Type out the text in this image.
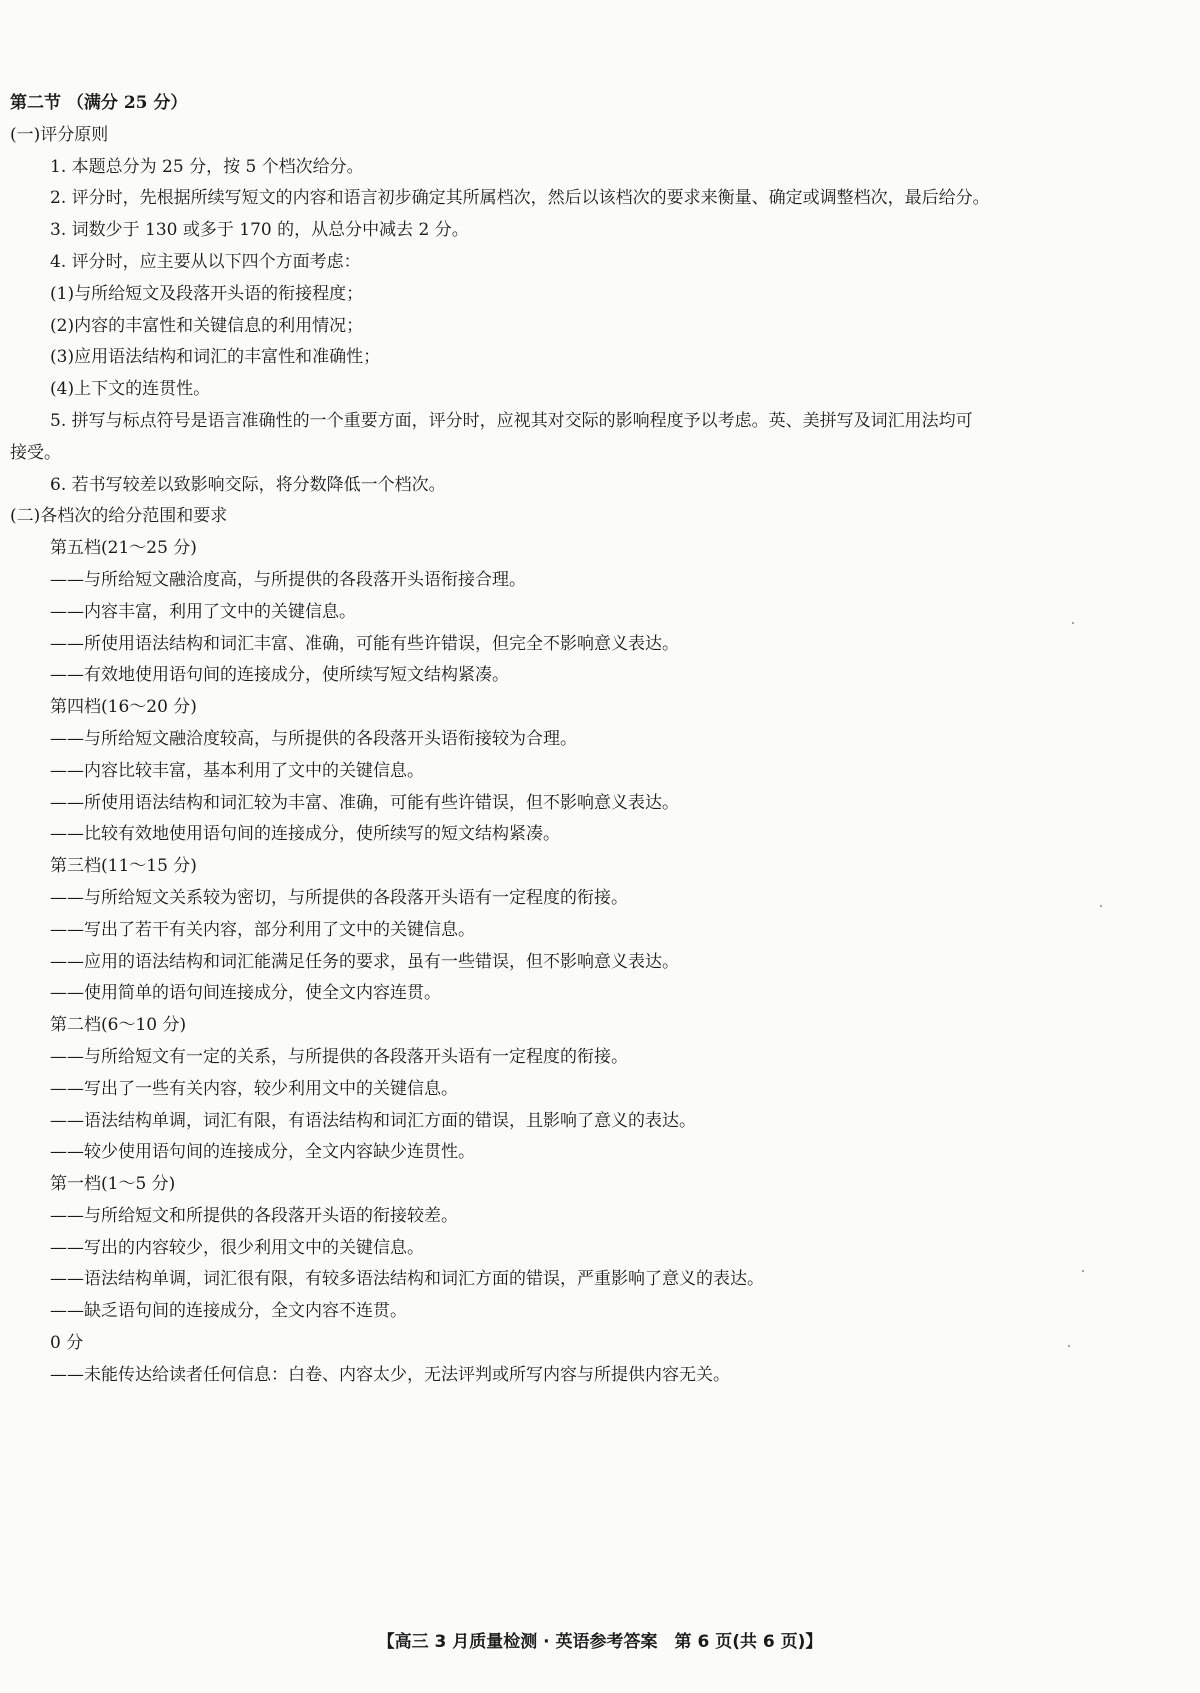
第二节 （满分 25 分）
(一)评分原则
1. 本题总分为 25 分，按 5 个档次给分。
2. 评分时，先根据所续写短文的内容和语言初步确定其所属档次，然后以该档次的要求来衡量、确定或调整档次，最后给分。
3. 词数少于 130 或多于 170 的，从总分中减去 2 分。
4. 评分时，应主要从以下四个方面考虑：
(1)与所给短文及段落开头语的衔接程度；
(2)内容的丰富性和关键信息的利用情况；
(3)应用语法结构和词汇的丰富性和准确性；
(4)上下文的连贯性。
5. 拼写与标点符号是语言准确性的一个重要方面，评分时，应视其对交际的影响程度予以考虑。英、美拼写及词汇用法均可
接受。
6. 若书写较差以致影响交际，将分数降低一个档次。
(二)各档次的给分范围和要求
第五档(21～25 分)
——与所给短文融洽度高，与所提供的各段落开头语衔接合理。
——内容丰富，利用了文中的关键信息。
——所使用语法结构和词汇丰富、准确，可能有些许错误，但完全不影响意义表达。
——有效地使用语句间的连接成分，使所续写短文结构紧凑。
第四档(16～20 分)
——与所给短文融洽度较高，与所提供的各段落开头语衔接较为合理。
——内容比较丰富，基本利用了文中的关键信息。
——所使用语法结构和词汇较为丰富、准确，可能有些许错误，但不影响意义表达。
——比较有效地使用语句间的连接成分，使所续写的短文结构紧凑。
第三档(11～15 分)
——与所给短文关系较为密切，与所提供的各段落开头语有一定程度的衔接。
——写出了若干有关内容，部分利用了文中的关键信息。
——应用的语法结构和词汇能满足任务的要求，虽有一些错误，但不影响意义表达。
——使用简单的语句间连接成分，使全文内容连贯。
第二档(6～10 分)
——与所给短文有一定的关系，与所提供的各段落开头语有一定程度的衔接。
——写出了一些有关内容，较少利用文中的关键信息。
——语法结构单调，词汇有限，有语法结构和词汇方面的错误，且影响了意义的表达。
——较少使用语句间的连接成分，全文内容缺少连贯性。
第一档(1～5 分)
——与所给短文和所提供的各段落开头语的衔接较差。
——写出的内容较少，很少利用文中的关键信息。
——语法结构单调，词汇很有限，有较多语法结构和词汇方面的错误，严重影响了意义的表达。
——缺乏语句间的连接成分，全文内容不连贯。
0 分
——未能传达给读者任何信息：白卷、内容太少，无法评判或所写内容与所提供内容无关。
【高三 3 月质量检测 · 英语参考答案　第 6 页(共 6 页)】
